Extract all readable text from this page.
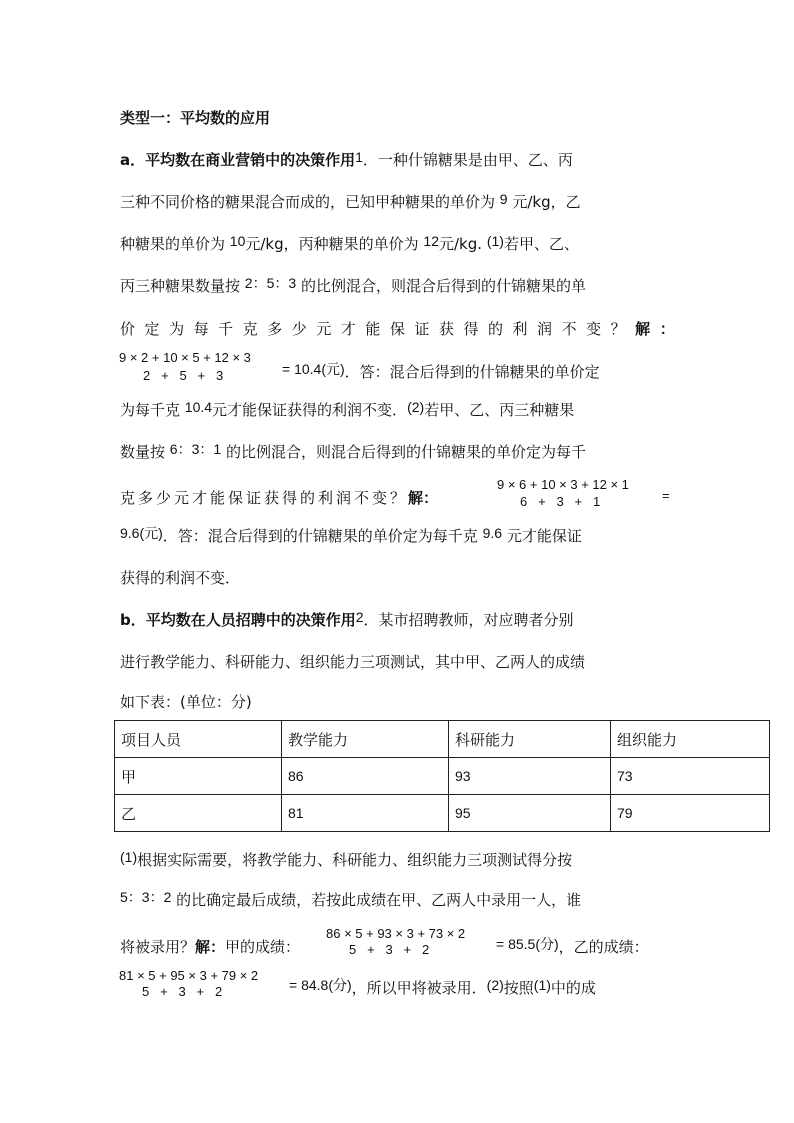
类型一：平均数的应用
a．平均数在商业营销中的决策作用1．一种什锦糖果是由甲、乙、丙
三种不同价格的糖果混合而成的，已知甲种糖果的单价为 9 元/kg，乙
种糖果的单价为 10元/kg，丙种糖果的单价为 12元/kg. (1)若甲、乙、
丙三种糖果数量按 2：5：3 的比例混合，则混合后得到的什锦糖果的单
价 定 为 每 千 克 多 少 元 才 能 保 证 获 得 的 利 润 不 变 ？ 解 ：
9 × 2 + 10 × 5 + 12 × 3
2   +   5   +   3	= 10.4(元)．答：混合后得到的什锦糖果的单价定
为每千克 10.4元才能保证获得的利润不变．(2)若甲、乙、丙三种糖果
数量按 6：3：1 的比例混合，则混合后得到的什锦糖果的单价定为每千
克多少元才能保证获得的利润不变？解：
9 × 6 + 10 × 3 + 12 × 1
6   +   3   +   1	=
9.6(元)．答：混合后得到的什锦糖果的单价定为每千克 9.6 元才能保证
获得的利润不变．
b．平均数在人员招聘中的决策作用2．某市招聘教师，对应聘者分别
进行教学能力、科研能力、组织能力三项测试，其中甲、乙两人的成绩
如下表：(单位：分)
项目人员	教学能力	科研能力	组织能力
甲	86	93	73
乙	81	95	79
(1)根据实际需要，将教学能力、科研能力、组织能力三项测试得分按
5：3：2 的比确定最后成绩，若按此成绩在甲、乙两人中录用一人，谁
将被录用？解：甲的成绩：
86 × 5 + 93 × 3 + 73 × 2
5   +   3   +   2	= 85.5(分)，乙的成绩：
81 × 5 + 95 × 3 + 79 × 2
5   +   3   +   2	= 84.8(分)，所以甲将被录用．(2)按照(1)中的成
